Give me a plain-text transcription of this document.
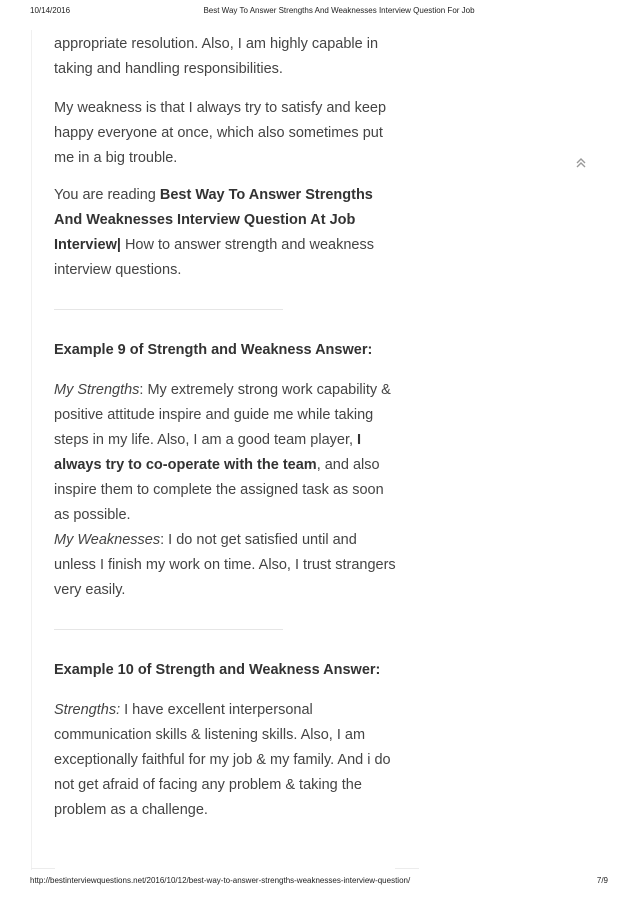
10/14/2016	Best Way To Answer Strengths And Weaknesses Interview Question For Job

appropriate resolution. Also, I am highly capable in taking and handling responsibilities.

My weakness is that I always try to satisfy and keep happy everyone at once, which also sometimes put me in a big trouble.

You are reading Best Way To Answer Strengths And Weaknesses Interview Question At Job Interview| How to answer strength and weakness interview questions.

Example 9 of Strength and Weakness Answer:

My Strengths: My extremely strong work capability & positive attitude inspire and guide me while taking steps in my life. Also, I am a good team player, I always try to co-operate with the team, and also inspire them to complete the assigned task as soon as possible.

My Weaknesses: I do not get satisfied until and unless I finish my work on time. Also, I trust strangers very easily.

Example 10 of Strength and Weakness Answer:

Strengths: I have excellent interpersonal communication skills & listening skills. Also, I am exceptionally faithful for my job & my family. And i do not get afraid of facing any problem & taking the problem as a challenge.

http://bestinterviewquestions.net/2016/10/12/best-way-to-answer-strengths-weaknesses-interview-question/	7/9
